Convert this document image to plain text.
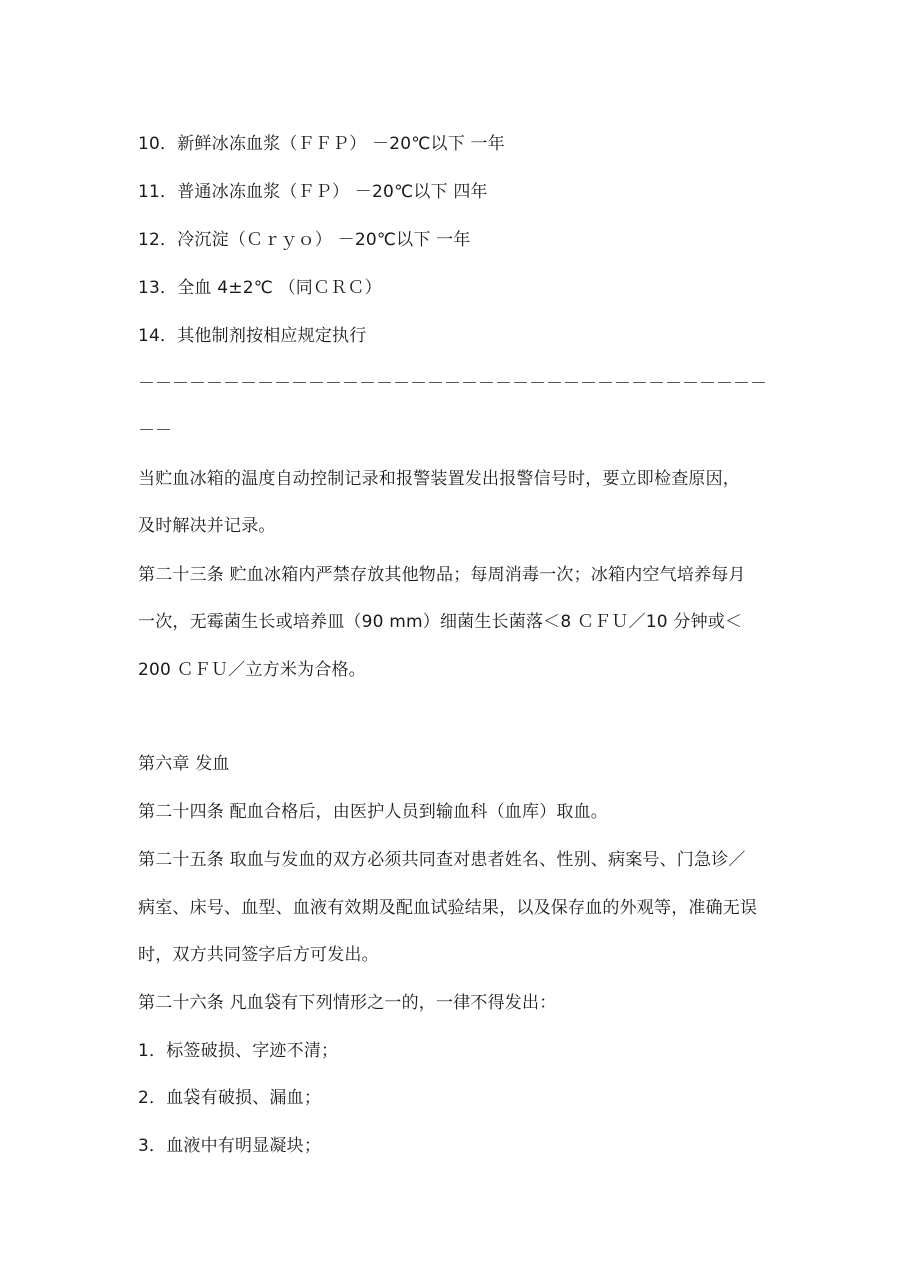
10．新鲜冰冻血浆（ＦＦＰ） －20℃以下 一年
11．普通冰冻血浆（ＦＰ） －20℃以下 四年
12．冷沉淀（Ｃｒｙｏ） －20℃以下 一年
13．全血 4±2℃ （同ＣＲＣ）
14．其他制剂按相应规定执行
－－－－－－－－－－－－－－－－－－－－－－－－－－－－－－－－－－－－－
－－
当贮血冰箱的温度自动控制记录和报警装置发出报警信号时，要立即检查原因，
及时解决并记录。
第二十三条 贮血冰箱内严禁存放其他物品；每周消毒一次；冰箱内空气培养每月
一次，无霉菌生长或培养皿（90 mm）细菌生长菌落＜8 ＣＦＵ／10 分钟或＜
200 ＣＦＵ／立方米为合格。
第六章 发血
第二十四条 配血合格后，由医护人员到输血科（血库）取血。
第二十五条 取血与发血的双方必须共同查对患者姓名、性别、病案号、门急诊／
病室、床号、血型、血液有效期及配血试验结果，以及保存血的外观等，准确无误
时，双方共同签字后方可发出。
第二十六条 凡血袋有下列情形之一的，一律不得发出：
1．标签破损、字迹不清；
2．血袋有破损、漏血；
3．血液中有明显凝块；
